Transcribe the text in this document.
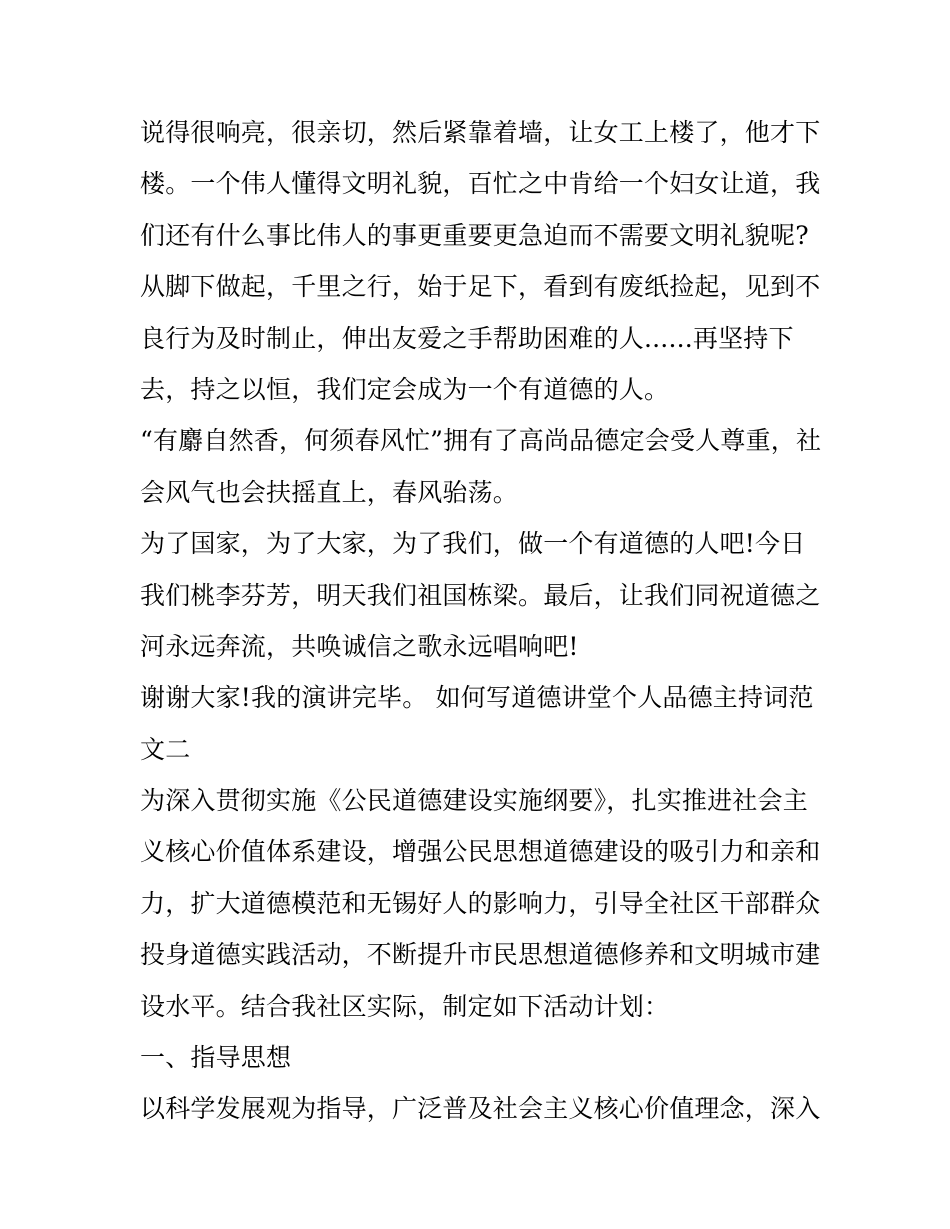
说得很响亮，很亲切，然后紧靠着墙，让女工上楼了，他才下
楼。一个伟人懂得文明礼貌，百忙之中肯给一个妇女让道，我
们还有什么事比伟人的事更重要更急迫而不需要文明礼貌呢?
从脚下做起，千里之行，始于足下，看到有废纸捡起，见到不
良行为及时制止，伸出友爱之手帮助困难的人......再坚持下
去，持之以恒，我们定会成为一个有道德的人。
“有麝自然香，何须春风忙”拥有了高尚品德定会受人尊重，社
会风气也会扶摇直上，春风骀荡。
为了国家，为了大家，为了我们，做一个有道德的人吧!今日
我们桃李芬芳，明天我们祖国栋梁。最后，让我们同祝道德之
河永远奔流，共唤诚信之歌永远唱响吧!
谢谢大家!我的演讲完毕。 如何写道德讲堂个人品德主持词范
文二
为深入贯彻实施《公民道德建设实施纲要》，扎实推进社会主
义核心价值体系建设，增强公民思想道德建设的吸引力和亲和
力，扩大道德模范和无锡好人的影响力，引导全社区干部群众
投身道德实践活动，不断提升市民思想道德修养和文明城市建
设水平。结合我社区实际，制定如下活动计划：
一、指导思想
以科学发展观为指导，广泛普及社会主义核心价值理念，深入
